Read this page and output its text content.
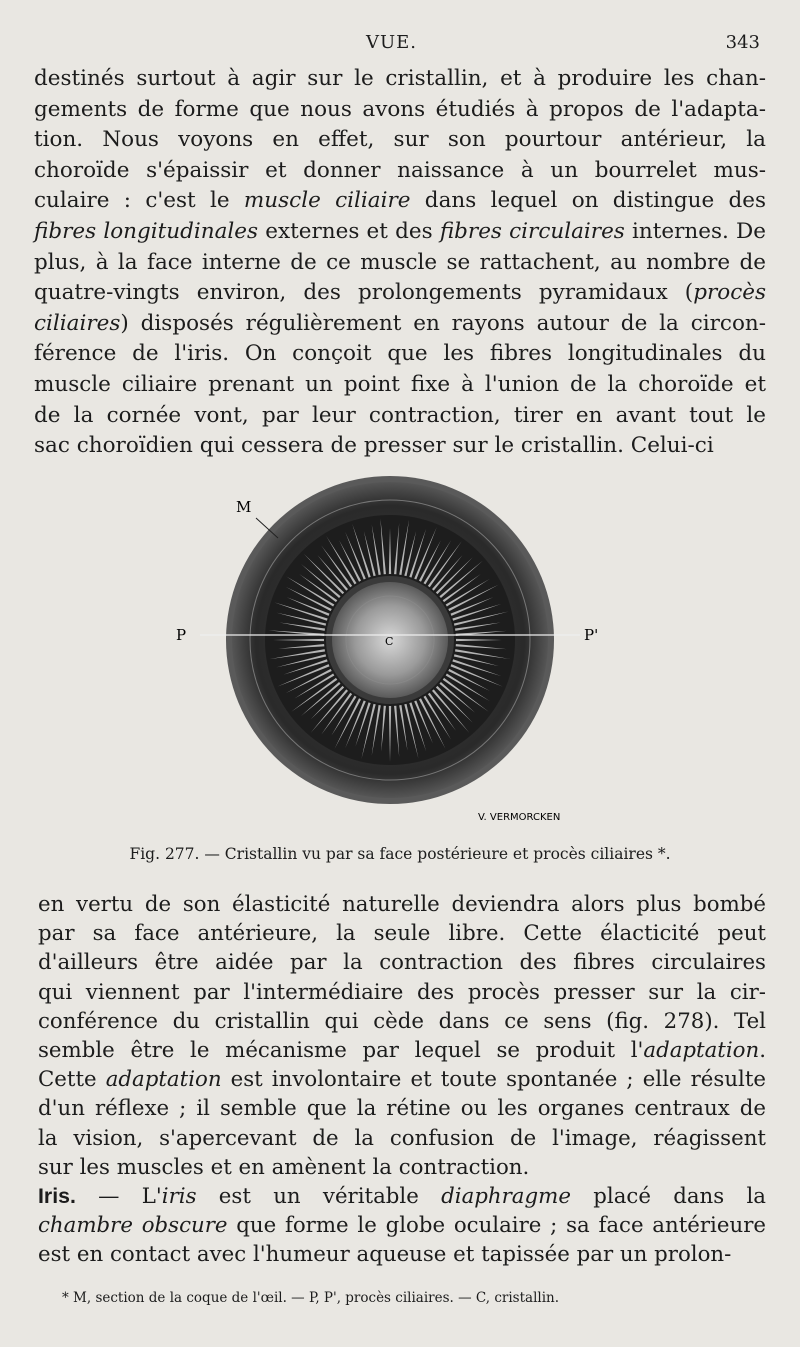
VUE.	343
destinés surtout à agir sur le cristallin, et à produire les chan-
gements de forme que nous avons étudiés à propos de l'adapta-
tion. Nous voyons en effet, sur son pourtour antérieur, la
choroïde s'épaissir et donner naissance à un bourrelet mus-
culaire : c'est le muscle ciliaire dans lequel on distingue des
fibres longitudinales externes et des fibres circulaires internes. De
plus, à la face interne de ce muscle se rattachent, au nombre de
quatre-vingts environ, des prolongements pyramidaux (procès
ciliaires) disposés régulièrement en rayons autour de la circon-
férence de l'iris. On conçoit que les fibres longitudinales du
muscle ciliaire prenant un point fixe à l'union de la choroïde et
de la cornée vont, par leur contraction, tirer en avant tout le
sac choroïdien qui cessera de presser sur le cristallin. Celui-ci
M
P	P'
C
V. VERMORCKEN
Fig. 277. — Cristallin vu par sa face postérieure et procès ciliaires *.
en vertu de son élasticité naturelle deviendra alors plus bombé
par sa face antérieure, la seule libre. Cette élacticité peut
d'ailleurs être aidée par la contraction des fibres circulaires
qui viennent par l'intermédiaire des procès presser sur la cir-
conférence du cristallin qui cède dans ce sens (fig. 278). Tel
semble être le mécanisme par lequel se produit l'adaptation.
Cette adaptation est involontaire et toute spontanée ; elle résulte
d'un réflexe ; il semble que la rétine ou les organes centraux de
la vision, s'apercevant de la confusion de l'image, réagissent
sur les muscles et en amènent la contraction.
Iris. — L'iris est un véritable diaphragme placé dans la
chambre obscure que forme le globe oculaire ; sa face antérieure
est en contact avec l'humeur aqueuse et tapissée par un prolon-
* M, section de la coque de l'œil. — P, P', procès ciliaires. — C, cristallin.
